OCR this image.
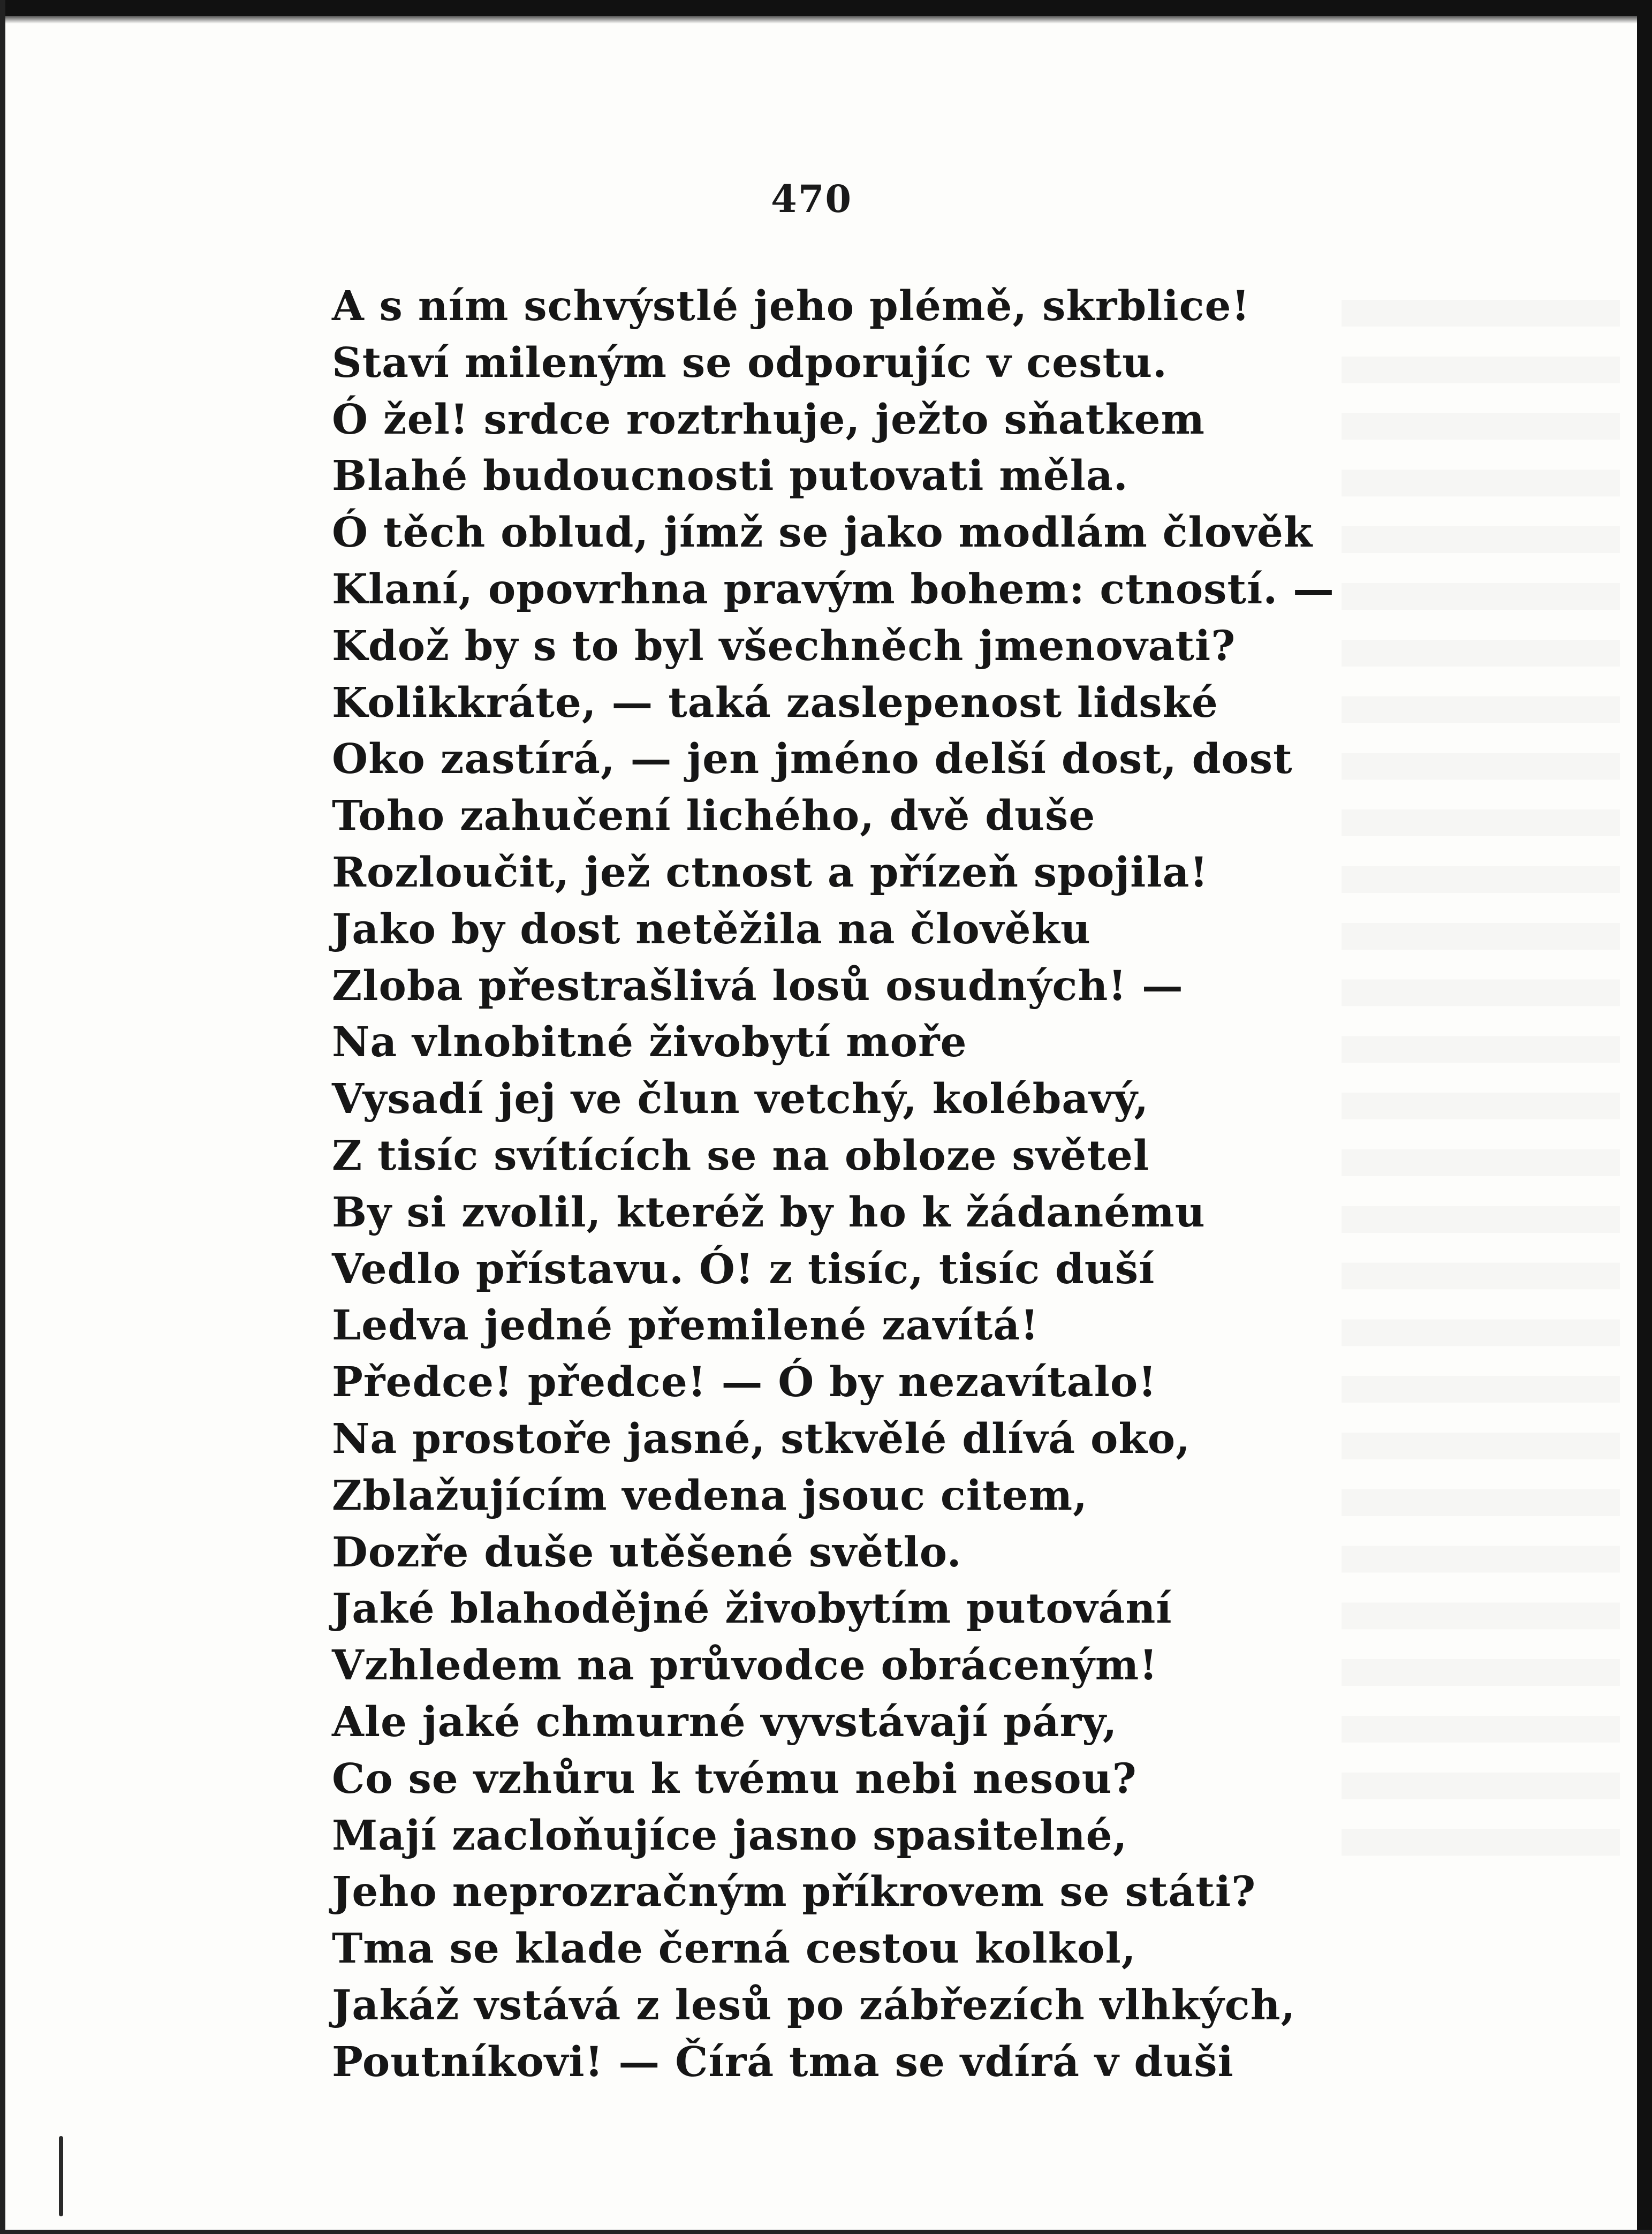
470
A s ním schvýstlé jeho plémě, skrblice!
Staví mileným se odporujíc v cestu.
Ó žel! srdce roztrhuje, ježto sňatkem
Blahé budoucnosti putovati měla.
Ó těch oblud, jímž se jako modlám člověk
Klaní, opovrhna pravým bohem: ctností. —
Kdož by s to byl všechněch jmenovati?
Kolikkráte, — taká zaslepenost lidské
Oko zastírá, — jen jméno delší dost, dost
Toho zahučení lichého, dvě duše
Rozloučit, jež ctnost a přízeň spojila!
Jako by dost netěžila na člověku
Zloba přestrašlivá losů osudných! —
Na vlnobitné živobytí moře
Vysadí jej ve člun vetchý, kolébavý,
Z tisíc svítících se na obloze světel
By si zvolil, kteréž by ho k žádanému
Vedlo přístavu. Ó! z tisíc, tisíc duší
Ledva jedné přemilené zavítá!
Předce! předce! — Ó by nezavítalo!
Na prostoře jasné, stkvělé dlívá oko,
Zblažujícím vedena jsouc citem,
Dozře duše utěšené světlo.
Jaké blahodějné živobytím putování
Vzhledem na průvodce obráceným!
Ale jaké chmurné vyvstávají páry,
Co se vzhůru k tvému nebi nesou?
Mají zacloňujíce jasno spasitelné,
Jeho neprozračným příkrovem se státi?
Tma se klade černá cestou kolkol,
Jakáž vstává z lesů po zábřezích vlhkých,
Poutníkovi! — Čírá tma se vdírá v duši
